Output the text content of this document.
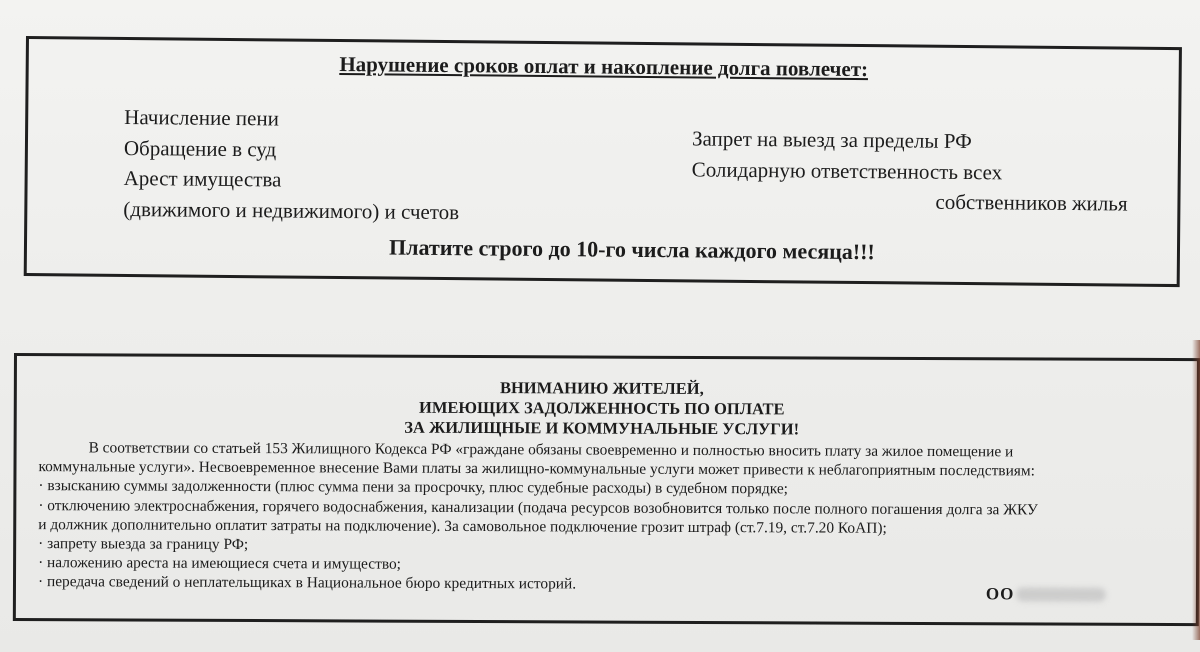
Нарушение сроков оплат и накопление долга повлечет:
Начисление пени
Обращение в суд
Арест имущества
(движимого и недвижимого) и счетов
Запрет на выезд за пределы РФ
Солидарную ответственность всех
собственников жилья
Платите строго до 10-го числа каждого месяца!!!
ВНИМАНИЮ ЖИТЕЛЕЙ,
ИМЕЮЩИХ ЗАДОЛЖЕННОСТЬ ПО ОПЛАТЕ
ЗА ЖИЛИЩНЫЕ И КОММУНАЛЬНЫЕ УСЛУГИ!
В соответствии со статьей 153 Жилищного Кодекса РФ «граждане обязаны своевременно и полностью вносить плату за жилое помещение и
коммунальные услуги». Несвоевременное внесение Вами платы за жилищно-коммунальные услуги может привести к неблагоприятным последствиям:
· взысканию суммы задолженности (плюс сумма пени за просрочку, плюс судебные расходы) в судебном порядке;
· отключению электроснабжения, горячего водоснабжения, канализации (подача ресурсов возобновится только после полного погашения долга за ЖКУ
и должник дополнительно оплатит затраты на подключение). За самовольное подключение грозит штраф (ст.7.19, ст.7.20 КоАП);
· запрету выезда за границу РФ;
· наложению ареста на имеющиеся счета и имущество;
· передача сведений о неплательщиках в Национальное бюро кредитных историй.
ОО
